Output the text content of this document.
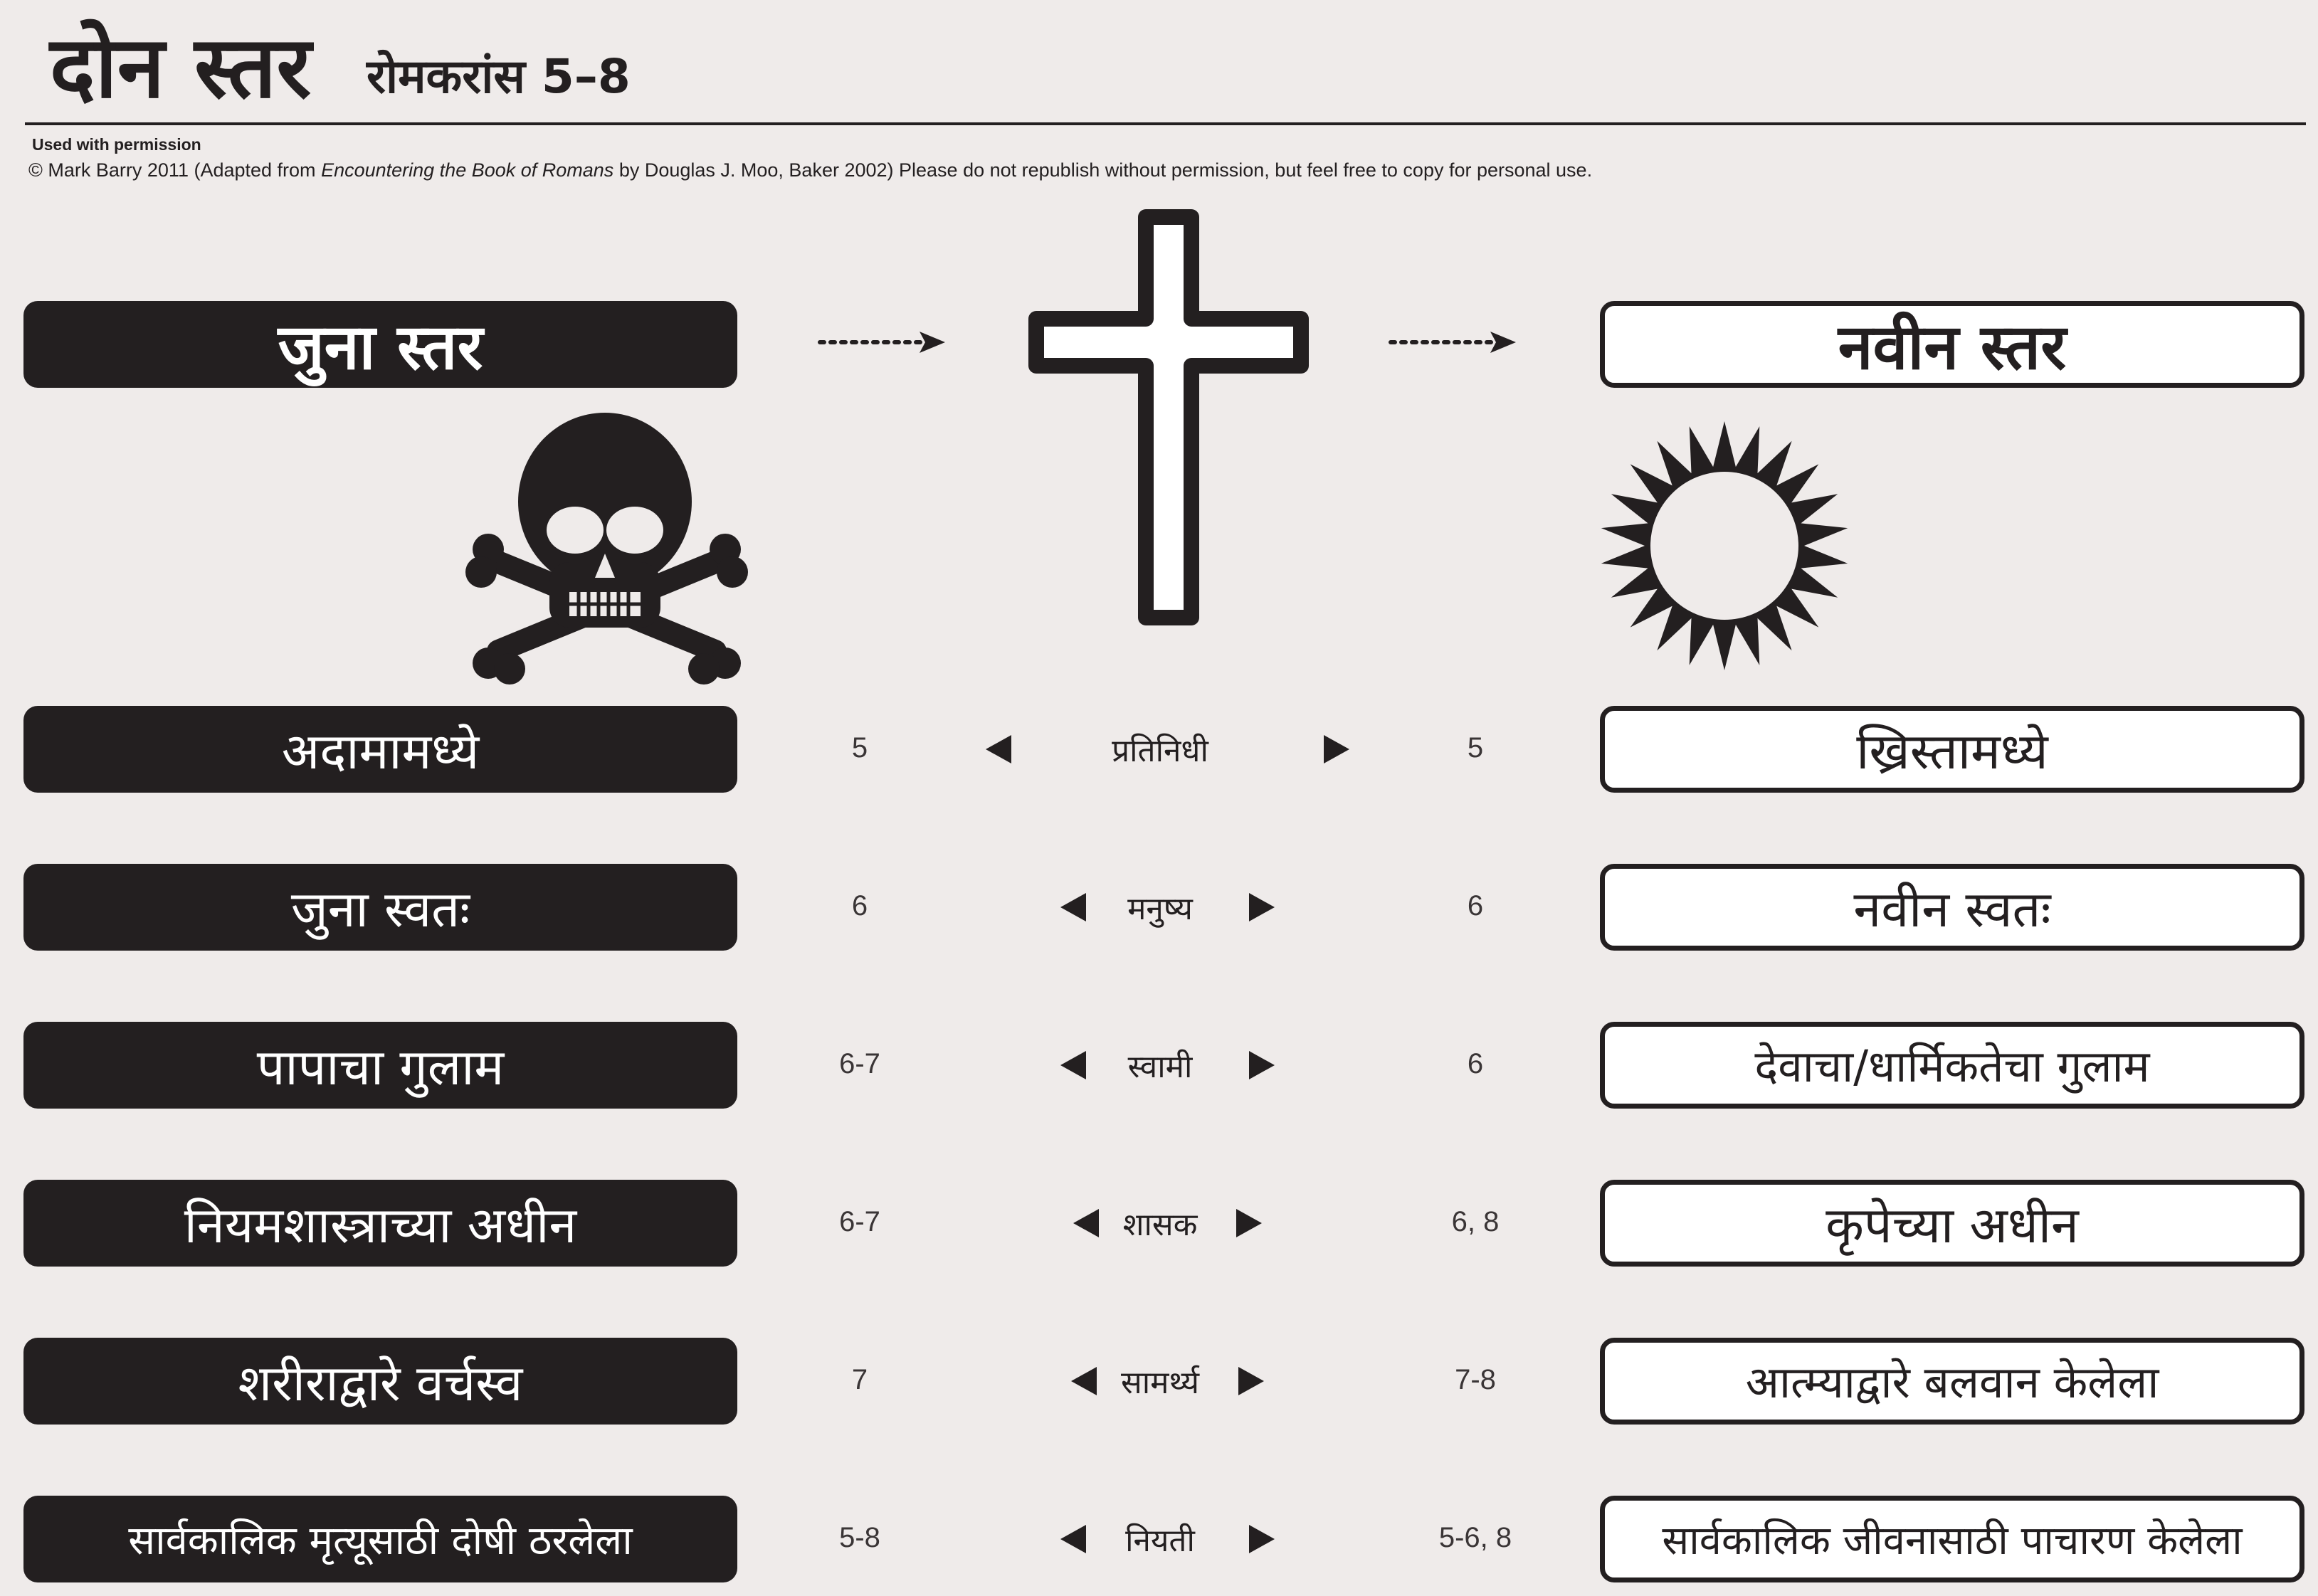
दोन स्तर रोमकरांस 5–8
Used with permission
© Mark Barry 2011 (Adapted from Encountering the Book of Romans by Douglas J. Moo, Baker 2002) Please do not republish without permission, but feel free to copy for personal use.
जुना स्तर	नवीन स्तर
अदामामध्ये	5	प्रतिनिधी	5	ख्रिस्तामध्ये
जुना स्वतः	6	मनुष्य	6	नवीन स्वतः
पापाचा गुलाम	6-7	स्वामी	6	देवाचा/धार्मिकतेचा गुलाम
नियमशास्त्राच्या अधीन	6-7	शासक	6, 8	कृपेच्या अधीन
शरीराद्वारे वर्चस्व	7	सामर्थ्य	7-8	आत्म्याद्वारे बलवान केलेला
सार्वकालिक मृत्यूसाठी दोषी ठरलेला	5-8	नियती	5-6, 8	सार्वकालिक जीवनासाठी पाचारण केलेला
